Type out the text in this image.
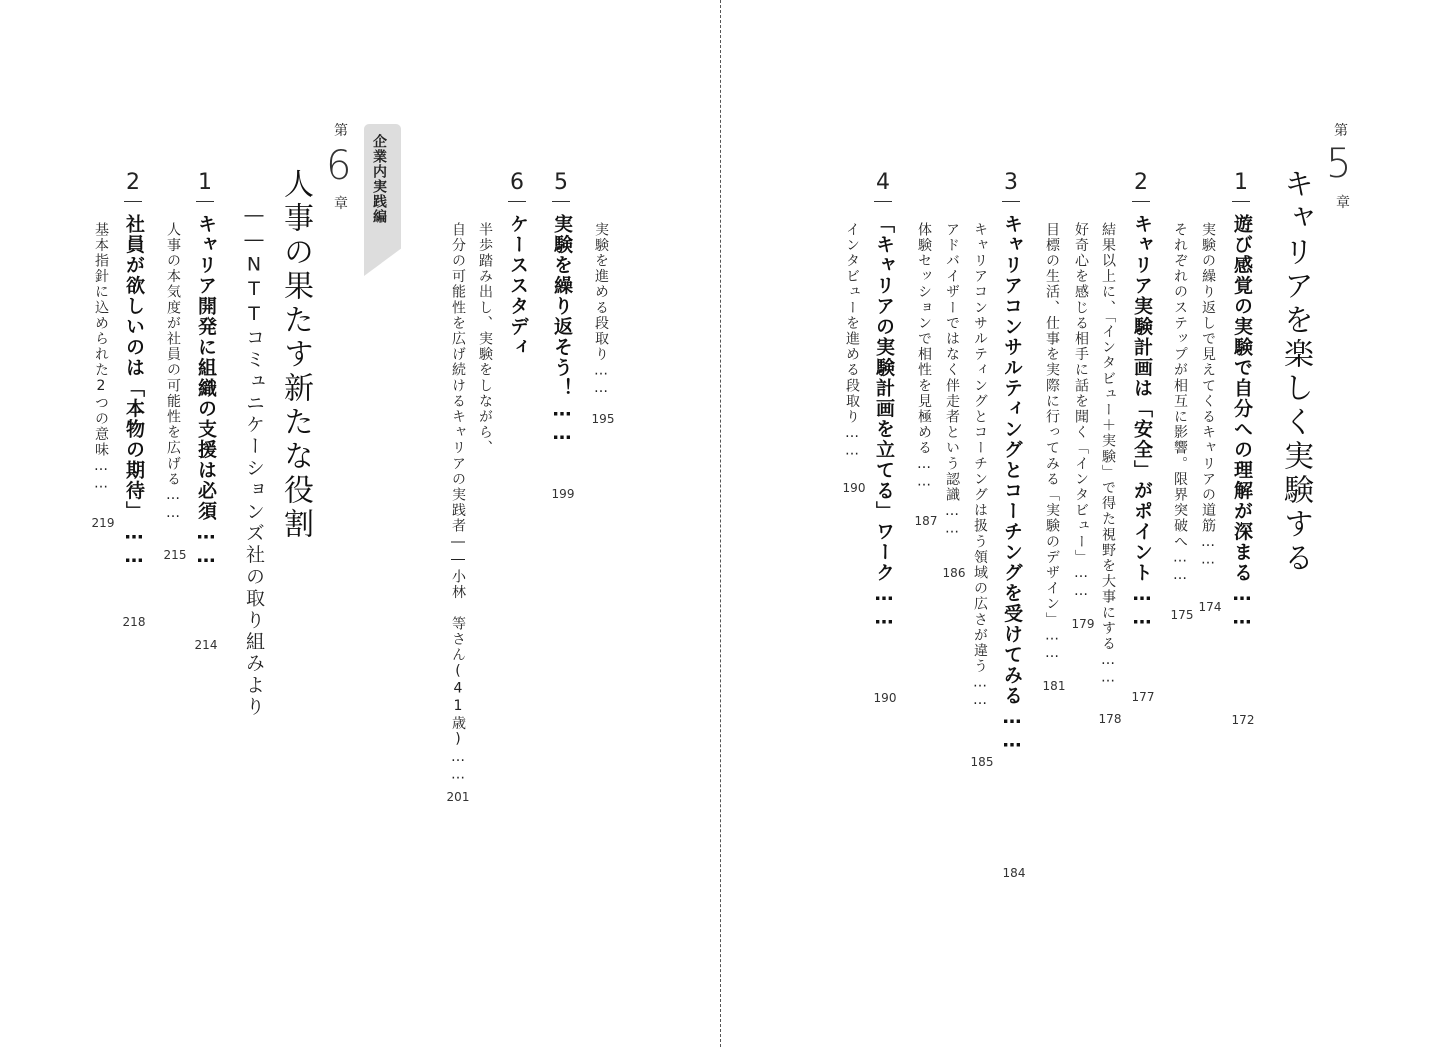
第
5
章
キャリアを楽しく実験する
1
遊び感覚の実験で自分への理解が深まる……
172
実験の繰り返しで見えてくるキャリアの道筋……
174
それぞれのステップが相互に影響。限界突破へ……
175
2
キャリア実験計画は「安全」がポイント……
177
結果以上に、「インタビュー＋実験」で得た視野を大事にする……
178
好奇心を感じる相手に話を聞く「インタビュー」……
179
目標の生活、仕事を実際に行ってみる「実験のデザイン」……
181
3
キャリアコンサルティングとコーチングを受けてみる……
184
キャリアコンサルティングとコーチングは扱う領域の広さが違う……
185
アドバイザーではなく伴走者という認識……
186
体験セッションで相性を見極める……
187
4
「キャリアの実験計画を立てる」ワーク……
190
インタビューを進める段取り……
190
実験を進める段取り……
195
5
実験を繰り返そう！……
199
6
ケーススタディ
半歩踏み出し、実験をしながら、
自分の可能性を広げ続けるキャリアの実践者――小林　等さん(41歳)……
201
企業内実践編
第
6
章
人事の果たす新たな役割
――NTTコミュニケーションズ社の取り組みより
1
キャリア開発に組織の支援は必須……
214
人事の本気度が社員の可能性を広げる……
215
2
社員が欲しいのは「本物の期待」……
218
基本指針に込められた2つの意味……
219
